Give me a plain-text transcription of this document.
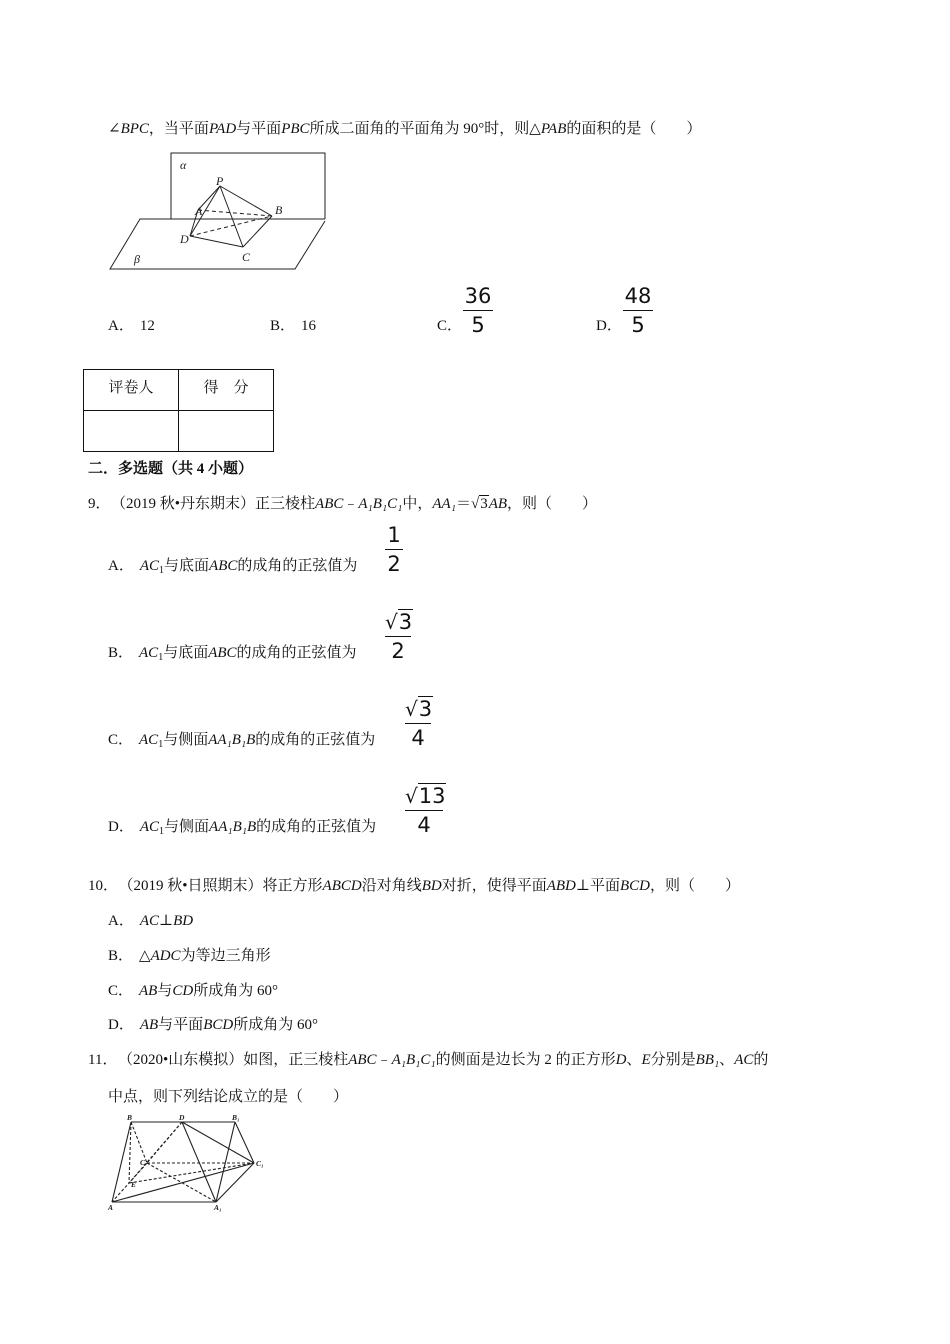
∠BPC，当平面PAD与平面PBC所成二面角的平面角为 90°时，则△PAB的面积的是（　　）
α
β
P
A	B
C
D
A． 12	B． 16	C．
36
5	D．
48
5
评卷人	得　分

二．多选题（共 4 小题）
9． （2019 秋•丹东期末）正三棱柱ABC﹣A₁B₁C₁中，AA₁＝√3AB，则（　　）
A． $AC_1$与底面ABC的成角的正弦值为
1
2
B． $AC_1$与底面ABC的成角的正弦值为
√3
2
C． $AC_1$与侧面AA₁B₁B的成角的正弦值为
√3
4
D． $AC_1$与侧面AA₁B₁B的成角的正弦值为
√13
4
10． （2019 秋•日照期末）将正方形ABCD沿对角线BD对折，使得平面ABD⊥平面BCD，则（　　）
A． AC⊥BD
B． △ADC为等边三角形
C． AB与CD所成角为 60°
D． AB与平面BCD所成角为 60°
11． （2020•山东模拟）如图，正三棱柱ABC﹣A₁B₁C₁的侧面是边长为 2 的正方形D、E分别是BB₁、AC的
中点，则下列结论成立的是（　　）
B	D	B₁
C	C₁
E
A	A₁
